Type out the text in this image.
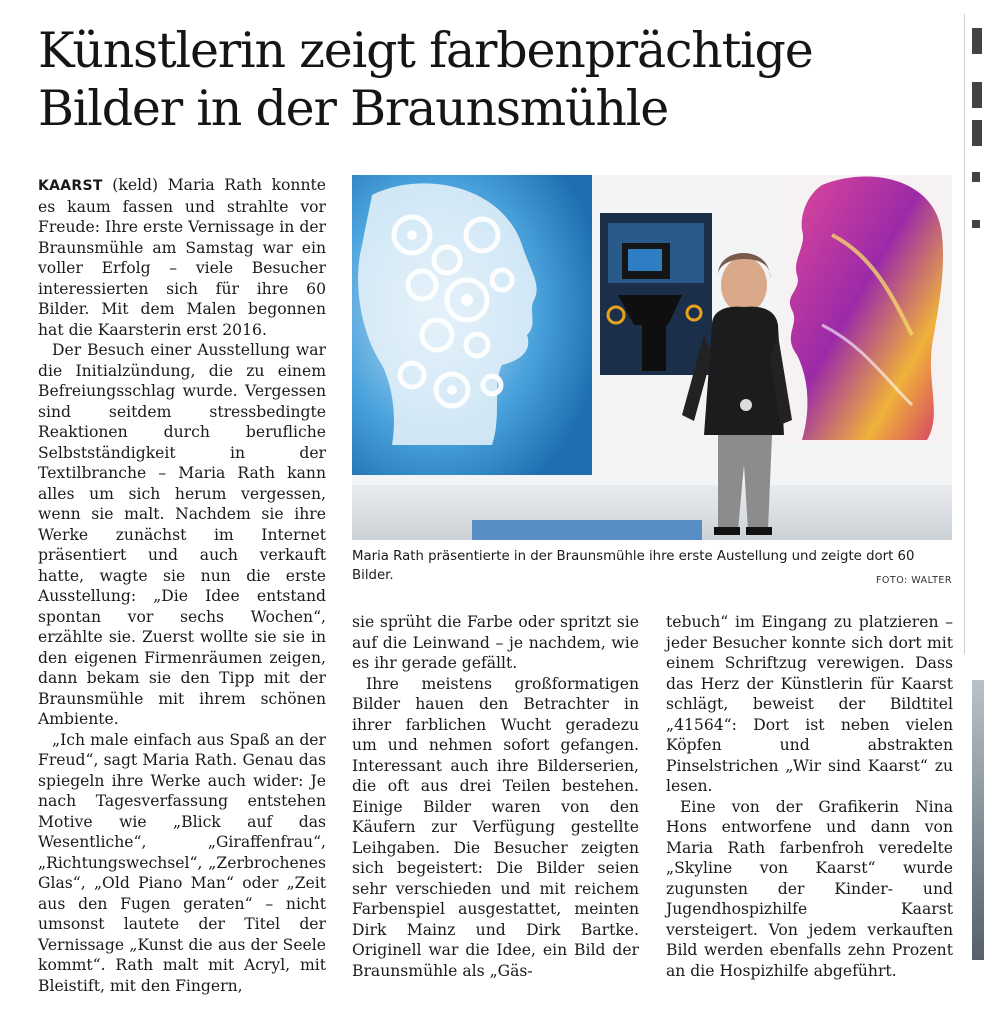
Künstlerin zeigt farbenprächtige
Bilder in der Braunsmühle

KAARST (keld) Maria Rath konnte es kaum fassen und strahlte vor Freude: Ihre erste Vernissage in der Braunsmühle am Samstag war ein voller Erfolg – viele Besucher interessierten sich für ihre 60 Bilder. Mit dem Malen begonnen hat die Kaarsterin erst 2016.

Der Besuch einer Ausstellung war die Initialzündung, die zu einem Befreiungsschlag wurde. Vergessen sind seitdem stressbedingte Reaktionen durch berufliche Selbstständigkeit in der Textilbranche – Maria Rath kann alles um sich herum vergessen, wenn sie malt. Nachdem sie ihre Werke zunächst im Internet präsentiert und auch verkauft hatte, wagte sie nun die erste Ausstellung: „Die Idee entstand spontan vor sechs Wochen“, erzählte sie. Zuerst wollte sie sie in den eigenen Firmenräumen zeigen, dann bekam sie den Tipp mit der Braunsmühle mit ihrem schönen Ambiente.

„Ich male einfach aus Spaß an der Freud“, sagt Maria Rath. Genau das spiegeln ihre Werke auch wider: Je nach Tagesverfassung entstehen Motive wie „Blick auf das Wesentliche“, „Giraffenfrau“, „Richtungswechsel“, „Zerbrochenes Glas“, „Old Piano Man“ oder „Zeit aus den Fugen geraten“ – nicht umsonst lautete der Titel der Vernissage „Kunst die aus der Seele kommt“. Rath malt mit Acryl, mit Bleistift, mit den Fingern,

Maria Rath präsentierte in der Braunsmühle ihre erste Austellung und zeigte dort 60 Bilder.	FOTO: WALTER

sie sprüht die Farbe oder spritzt sie auf die Leinwand – je nachdem, wie es ihr gerade gefällt.

Ihre meistens großformatigen Bilder hauen den Betrachter in ihrer farblichen Wucht geradezu um und nehmen sofort gefangen. Interessant auch ihre Bilderserien, die oft aus drei Teilen bestehen. Einige Bilder waren von den Käufern zur Verfügung gestellte Leihgaben. Die Besucher zeigten sich begeistert: Die Bilder seien sehr verschieden und mit reichem Farbenspiel ausgestattet, meinten Dirk Mainz und Dirk Bartke. Originell war die Idee, ein Bild der Braunsmühle als „Gäs-

tebuch“ im Eingang zu platzieren – jeder Besucher konnte sich dort mit einem Schriftzug verewigen. Dass das Herz der Künstlerin für Kaarst schlägt, beweist der Bildtitel „41564“: Dort ist neben vielen Köpfen und abstrakten Pinselstrichen „Wir sind Kaarst“ zu lesen.

Eine von der Grafikerin Nina Hons entworfene und dann von Maria Rath farbenfroh veredelte „Skyline von Kaarst“ wurde zugunsten der Kinder- und Jugendhospizhilfe Kaarst versteigert. Von jedem verkauften Bild werden ebenfalls zehn Prozent an die Hospizhilfe abgeführt.
